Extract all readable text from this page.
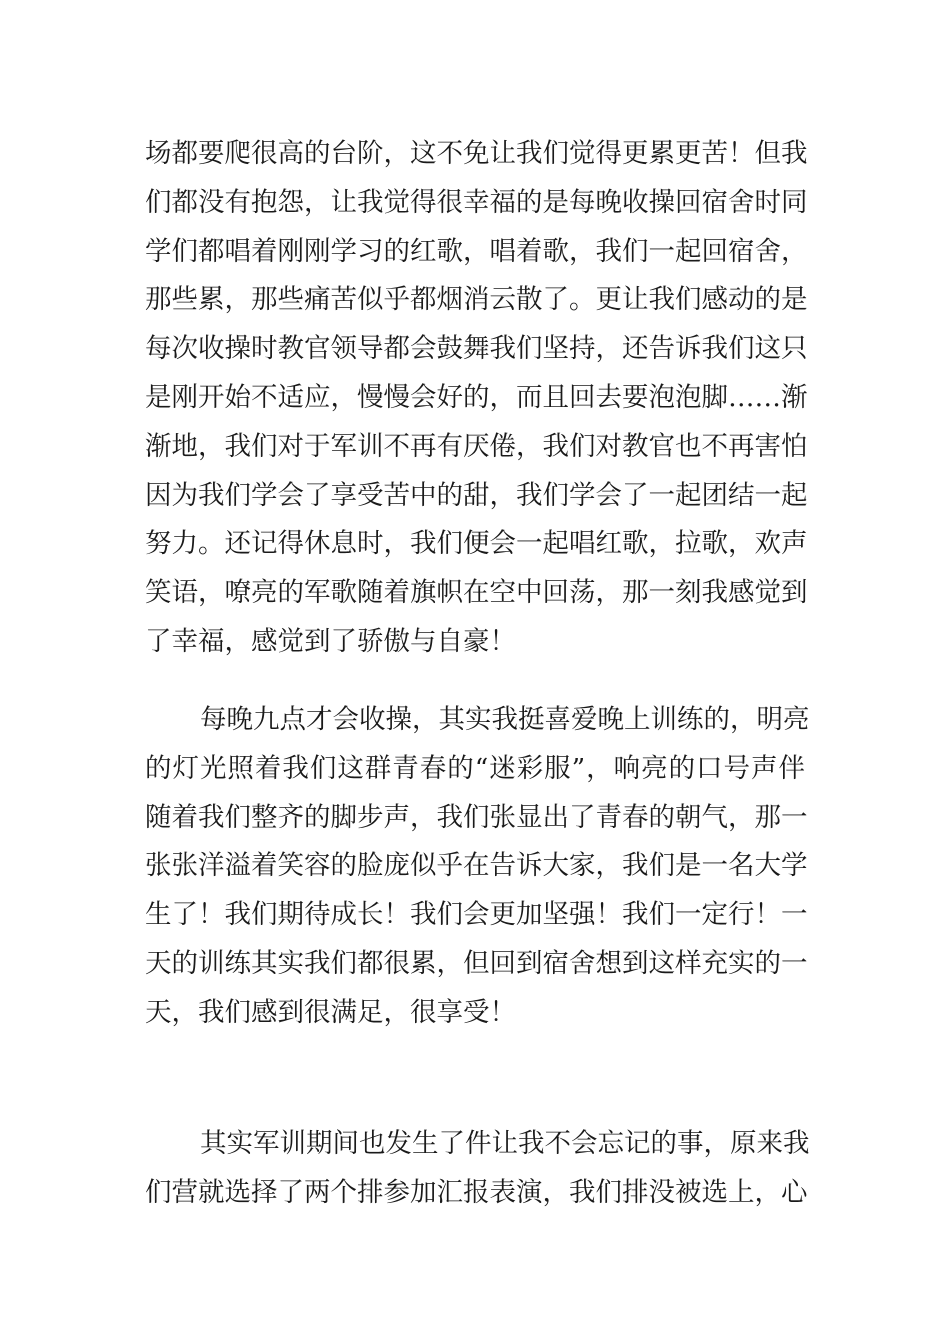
场都要爬很高的台阶，这不免让我们觉得更累更苦！但我
们都没有抱怨，让我觉得很幸福的是每晚收操回宿舍时同
学们都唱着刚刚学习的红歌，唱着歌，我们一起回宿舍，
那些累，那些痛苦似乎都烟消云散了。更让我们感动的是
每次收操时教官领导都会鼓舞我们坚持，还告诉我们这只
是刚开始不适应，慢慢会好的，而且回去要泡泡脚……渐
渐地，我们对于军训不再有厌倦，我们对教官也不再害怕
因为我们学会了享受苦中的甜，我们学会了一起团结一起
努力。还记得休息时，我们便会一起唱红歌，拉歌，欢声
笑语，嘹亮的军歌随着旗帜在空中回荡，那一刻我感觉到
了幸福，感觉到了骄傲与自豪！
每晚九点才会收操，其实我挺喜爱晚上训练的，明亮
的灯光照着我们这群青春的“迷彩服”，响亮的口号声伴
随着我们整齐的脚步声，我们张显出了青春的朝气，那一
张张洋溢着笑容的脸庞似乎在告诉大家，我们是一名大学
生了！我们期待成长！我们会更加坚强！我们一定行！一
天的训练其实我们都很累，但回到宿舍想到这样充实的一
天，我们感到很满足，很享受！
其实军训期间也发生了件让我不会忘记的事，原来我
们营就选择了两个排参加汇报表演，我们排没被选上，心
